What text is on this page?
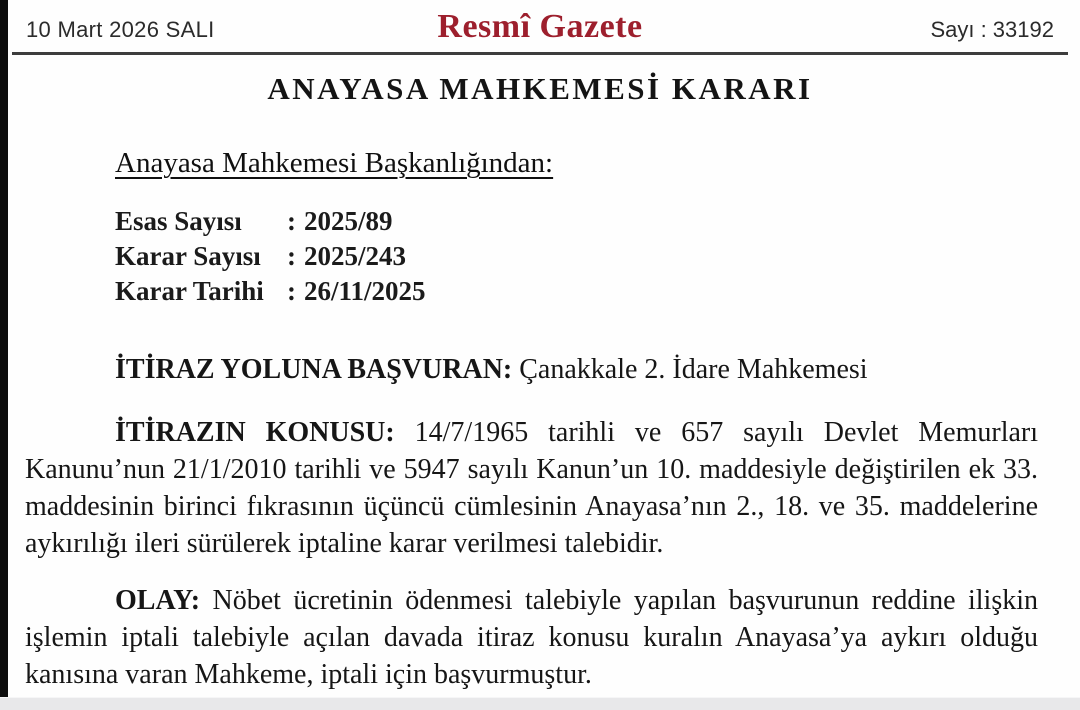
10 Mart 2026 SALI	Resmî Gazete	Sayı : 33192
ANAYASA MAHKEMESİ KARARI
Anayasa Mahkemesi Başkanlığından:
Esas Sayısı : 2025/89
Karar Sayısı : 2025/243
Karar Tarihi : 26/11/2025

İTİRAZ YOLUNA BAŞVURAN: Çanakkale 2. İdare Mahkemesi

İTİRAZIN KONUSU: 14/7/1965 tarihli ve 657 sayılı Devlet Memurları Kanunu’nun 21/1/2010 tarihli ve 5947 sayılı Kanun’un 10. maddesiyle değiştirilen ek 33. maddesinin birinci fıkrasının üçüncü cümlesinin Anayasa’nın 2., 18. ve 35. maddelerine aykırılığı ileri sürülerek iptaline karar verilmesi talebidir.

OLAY: Nöbet ücretinin ödenmesi talebiyle yapılan başvurunun reddine ilişkin işlemin iptali talebiyle açılan davada itiraz konusu kuralın Anayasa’ya aykırı olduğu kanısına varan Mahkeme, iptali için başvurmuştur.
